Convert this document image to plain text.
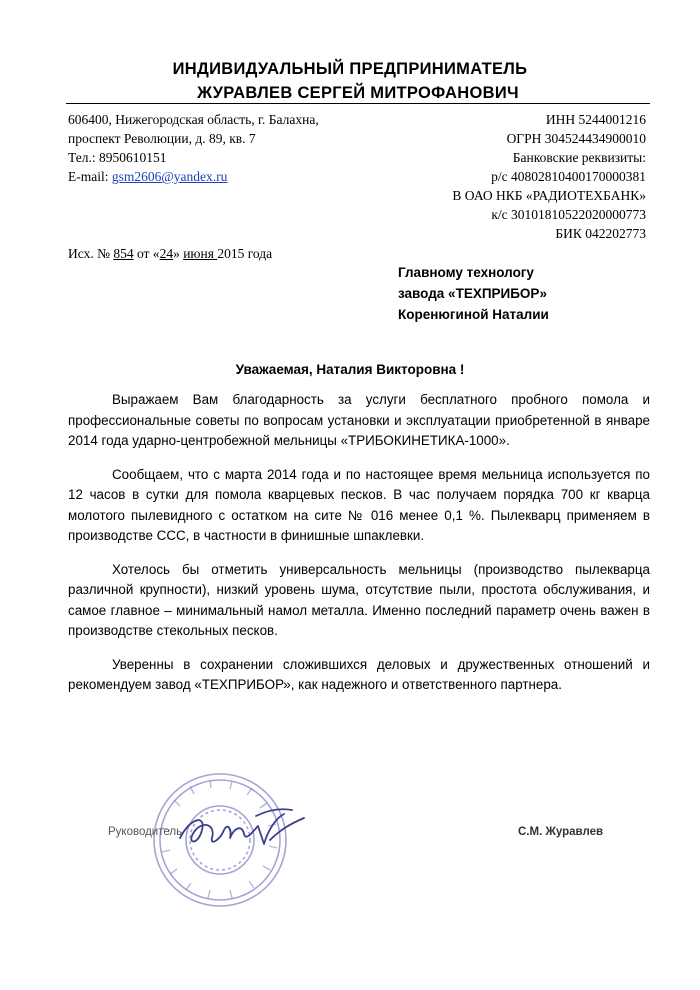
ИНДИВИДУАЛЬНЫЙ ПРЕДПРИНИМАТЕЛЬ
ЖУРАВЛЕВ СЕРГЕЙ МИТРОФАНОВИЧ
606400, Нижегородская область, г. Балахна,
проспект Революции, д. 89, кв. 7
Тел.: 8950610151
E-mail: gsm2606@yandex.ru
ИНН 5244001216
ОГРН 304524434900010
Банковские реквизиты:
р/с 40802810400170000381
В ОАО НКБ «РАДИОТЕХБАНК»
к/с 30101810522020000773
БИК 042202773
Исх. № 854 от «24» июня 2015 года
Главному технологу
завода «ТЕХПРИБОР»
Коренюгиной Наталии
Уважаемая, Наталия Викторовна !

Выражаем Вам благодарность за услуги бесплатного пробного помола и профессиональные советы по вопросам установки и эксплуатации приобретенной в январе 2014 года ударно-центробежной мельницы «ТРИБОКИНЕТИКА-1000».

Сообщаем, что с марта 2014 года и по настоящее время мельница используется по 12 часов в сутки для помола кварцевых песков. В час получаем порядка 700 кг кварца молотого пылевидного с остатком на сите № 016 менее 0,1 %. Пылекварц применяем в производстве ССС, в частности в финишные шпаклевки.

Хотелось бы отметить универсальность мельницы (производство пылекварца различной крупности), низкий уровень шума, отсутствие пыли, простота обслуживания, и самое главное – минимальный намол металла. Именно последний параметр очень важен в производстве стекольных песков.

Уверенны в сохранении сложившихся деловых и дружественных отношений и рекомендуем завод «ТЕХПРИБОР», как надежного и ответственного партнера.

Руководитель	С.М. Журавлев
